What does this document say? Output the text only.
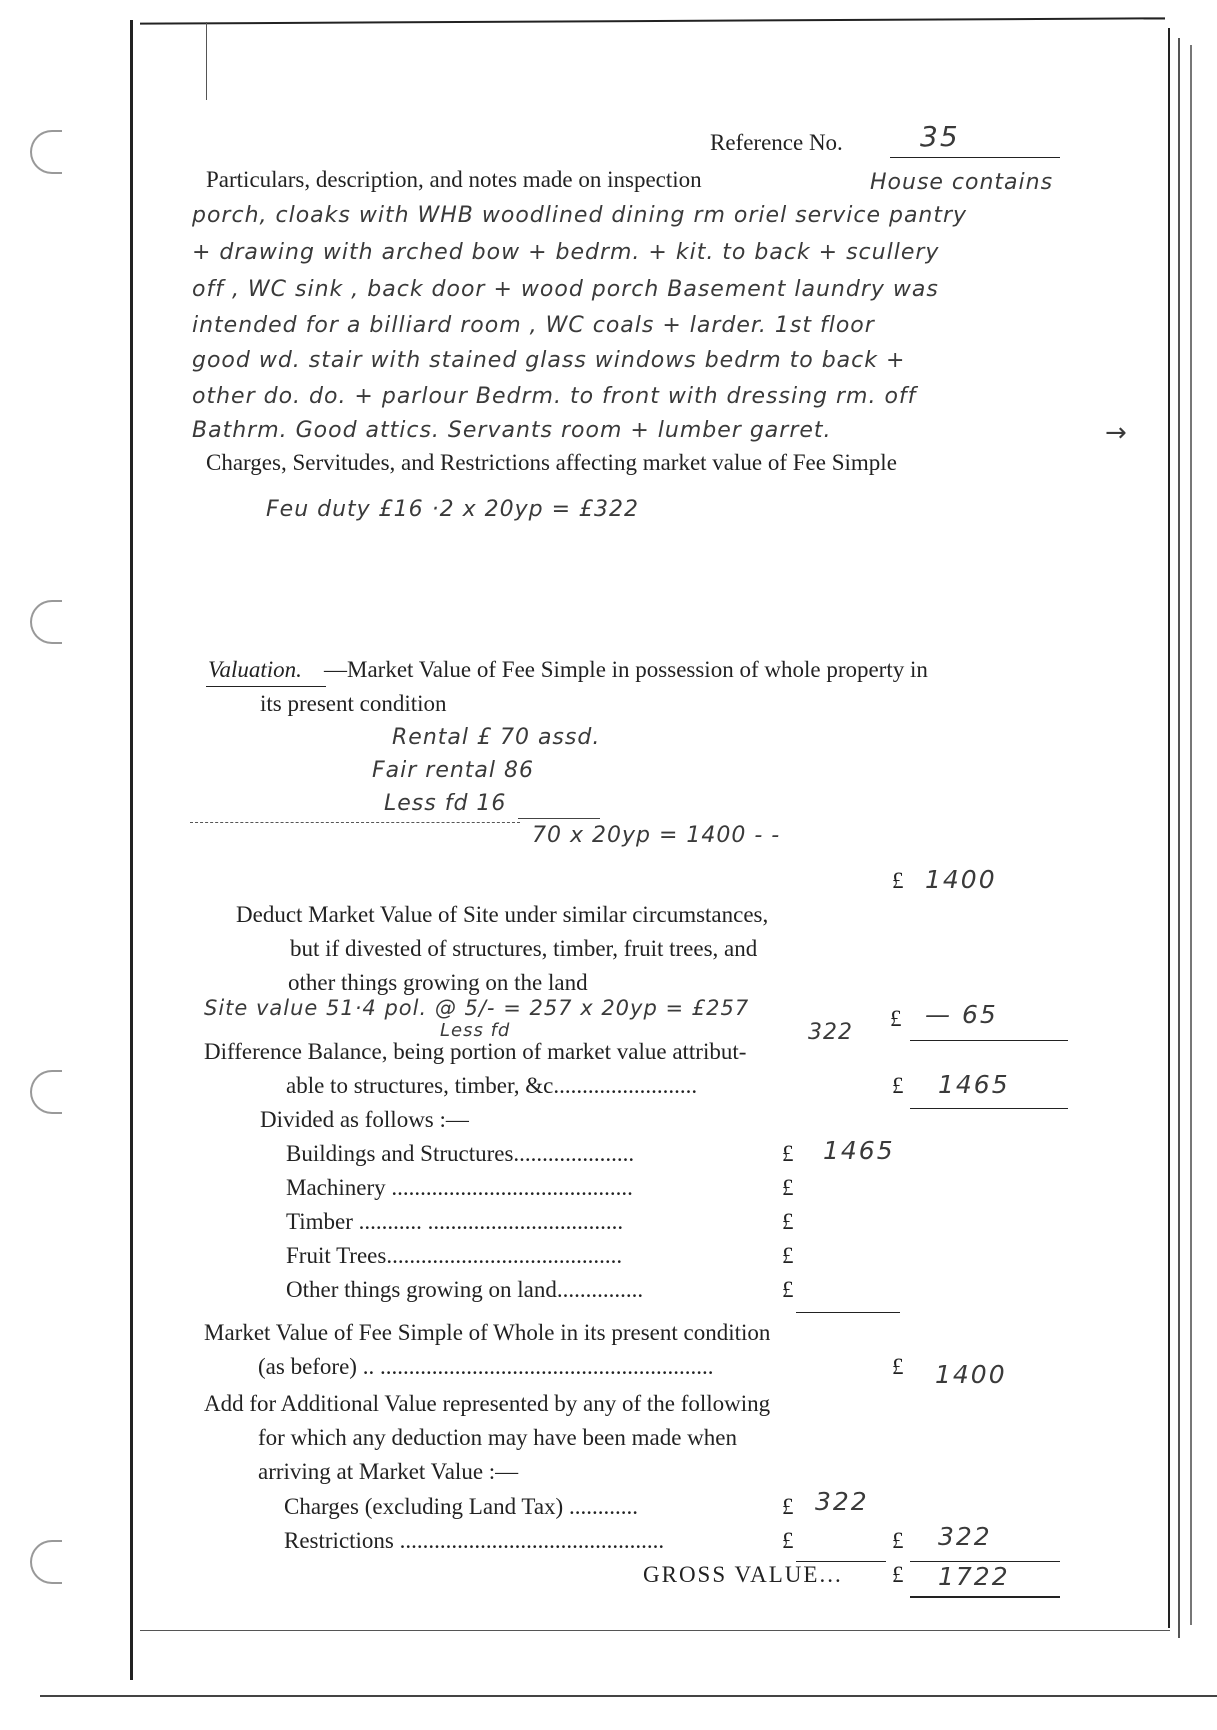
Reference No.	35
Particulars, description, and notes made on inspection	House contains
porch, cloaks with WHB woodlined dining rm oriel service pantry
+ drawing with arched bow + bedrm. + kit. to back + scullery
off , WC sink , back door + wood porch Basement laundry was
intended for a billiard room , WC coals + larder. 1st floor
good wd. stair with stained glass windows bedrm to back +
other do. do. + parlour Bedrm. to front with dressing rm. off
Bathrm. Good attics. Servants room + lumber garret.	→
Charges, Servitudes, and Restrictions affecting market value of Fee Simple
Feu duty £16 ·2 x 20yp = £322
Valuation. —Market Value of Fee Simple in possession of whole property in
its present condition
Rental £ 70 assd.
Fair rental 86
Less fd 16
70 x 20yp = 1400 - -
£ 1400
Deduct Market Value of Site under similar circumstances,
but if divested of structures, timber, fruit trees, and
other things growing on the land
Site value 51·4 pol. @ 5/- = 257 x 20yp = £257
Less fd	322
£ — 65
Difference Balance, being portion of market value attribut-
able to structures, timber, &c.........................	£ 1465
Divided as follows :—
Buildings and Structures.....................	£ 1465
Machinery ..........................................	£
Timber ........... ..................................	£
Fruit Trees.........................................	£
Other things growing on land...............	£
Market Value of Fee Simple of Whole in its present condition
(as before) .. ..........................................................	£ 1400
Add for Additional Value represented by any of the following
for which any deduction may have been made when
arriving at Market Value :—
Charges (excluding Land Tax) ............	£ 322
Restrictions ..............................................	£	£ 322
GROSS VALUE... £ 1722
